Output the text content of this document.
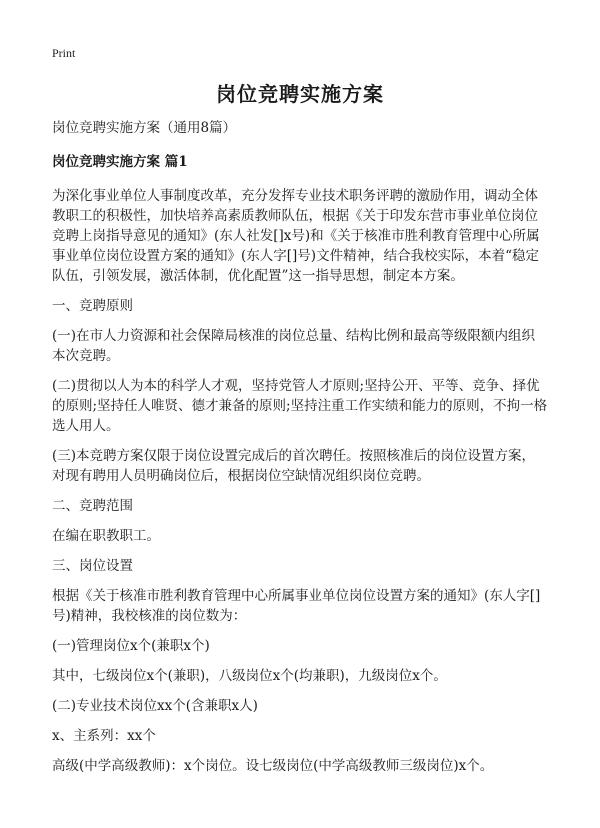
Print
岗位竞聘实施方案

岗位竞聘实施方案（通用8篇）

岗位竞聘实施方案 篇1

为深化事业单位人事制度改革，充分发挥专业技术职务评聘的激励作用，调动全体教职工的积极性，加快培养高素质教师队伍，根据《关于印发东营市事业单位岗位竞聘上岗指导意见的通知》(东人社发[]x号)和《关于核准市胜利教育管理中心所属事业单位岗位设置方案的通知》(东人字[]号)文件精神，结合我校实际，本着“稳定队伍，引领发展，激活体制，优化配置”这一指导思想，制定本方案。

一、竞聘原则

(一)在市人力资源和社会保障局核准的岗位总量、结构比例和最高等级限额内组织本次竞聘。

(二)贯彻以人为本的科学人才观，坚持党管人才原则;坚持公开、平等、竞争、择优的原则;坚持任人唯贤、德才兼备的原则;坚持注重工作实绩和能力的原则，不拘一格选人用人。

(三)本竞聘方案仅限于岗位设置完成后的首次聘任。按照核准后的岗位设置方案，对现有聘用人员明确岗位后，根据岗位空缺情况组织岗位竞聘。

二、竞聘范围

在编在职教职工。

三、岗位设置

根据《关于核准市胜利教育管理中心所属事业单位岗位设置方案的通知》(东人字[]号)精神，我校核准的岗位数为：

(一)管理岗位x个(兼职x个)

其中，七级岗位x个(兼职)，八级岗位x个(均兼职)，九级岗位x个。

(二)专业技术岗位xx个(含兼职x人)

x、主系列：xx个

高级(中学高级教师)：x个岗位。设七级岗位(中学高级教师三级岗位)x个。
